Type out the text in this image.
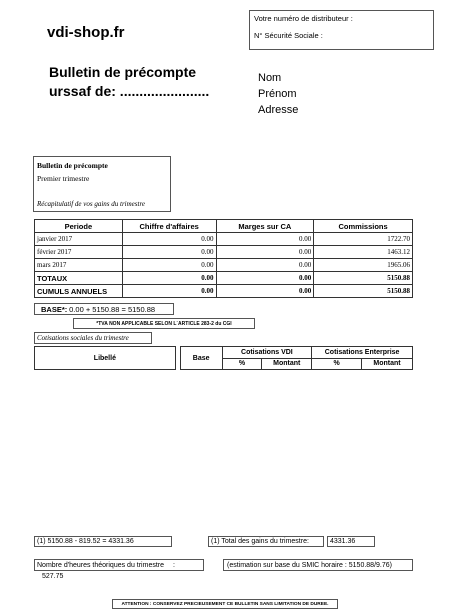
vdi-shop.fr
Bulletin de précompte
urssaf de: .......................
Votre numéro de distributeur :
N° Sécurité Sociale :
Nom
Prénom
Adresse
Bulletin de précompte
Premier trimestre
Récapitulatif de vos gains du trimestre
Periode	Chiffre d'affaires	Marges sur CA	Commissions
janvier 2017	0.00	0.00	1722.70
février 2017	0.00	0.00	1463.12
mars 2017	0.00	0.00	1965.06
TOTAUX	0.00	0.00	5150.88
CUMULS ANNUELS	0.00	0.00	5150.88
BASE*: 0.00 + 5150.88 = 5150.88
*TVA NON APPLICABLE SELON L´ARTICLE 283-2 du CGI
Cotisations sociales du trimestre
Libellé		Base	Cotisations VDI		Cotisations Enterprise	
			%	Montant	%	Montant
(1) 5150.88 - 819.52 = 4331.36	(1) Total des gains du trimestre:	4331.36
Nombre d'heures théoriques du trimestre : 527.75
(estimation sur base du SMIC horaire : 5150.88/9.76)
ATTENTION : CONSERVEZ PRECIEUSEMENT CE BULLETIN SANS LIMITATION DE DUREE.
